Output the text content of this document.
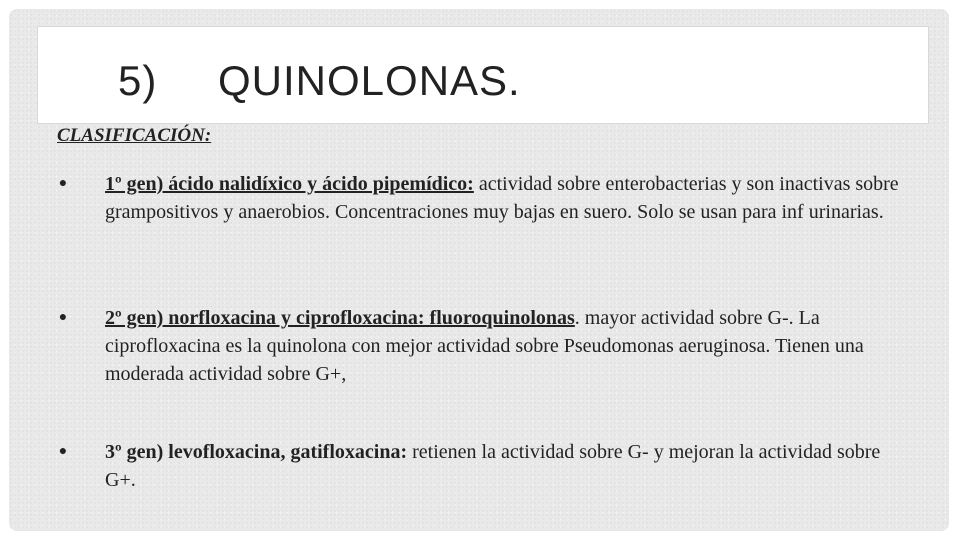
5) QUINOLONAS.
CLASIFICACIÓN:
● 1º gen) ácido nalidíxico y ácido pipemídico: actividad sobre enterobacterias y son inactivas sobre grampositivos y anaerobios. Concentraciones muy bajas en suero. Solo se usan para inf urinarias.
● 2º gen) norfloxacina y ciprofloxacina: fluoroquinolonas. mayor actividad sobre G-. La ciprofloxacina es la quinolona con mejor actividad sobre Pseudomonas aeruginosa. Tienen una moderada actividad sobre G+,
● 3º gen) levofloxacina, gatifloxacina: retienen la actividad sobre G- y mejoran la actividad sobre G+.
